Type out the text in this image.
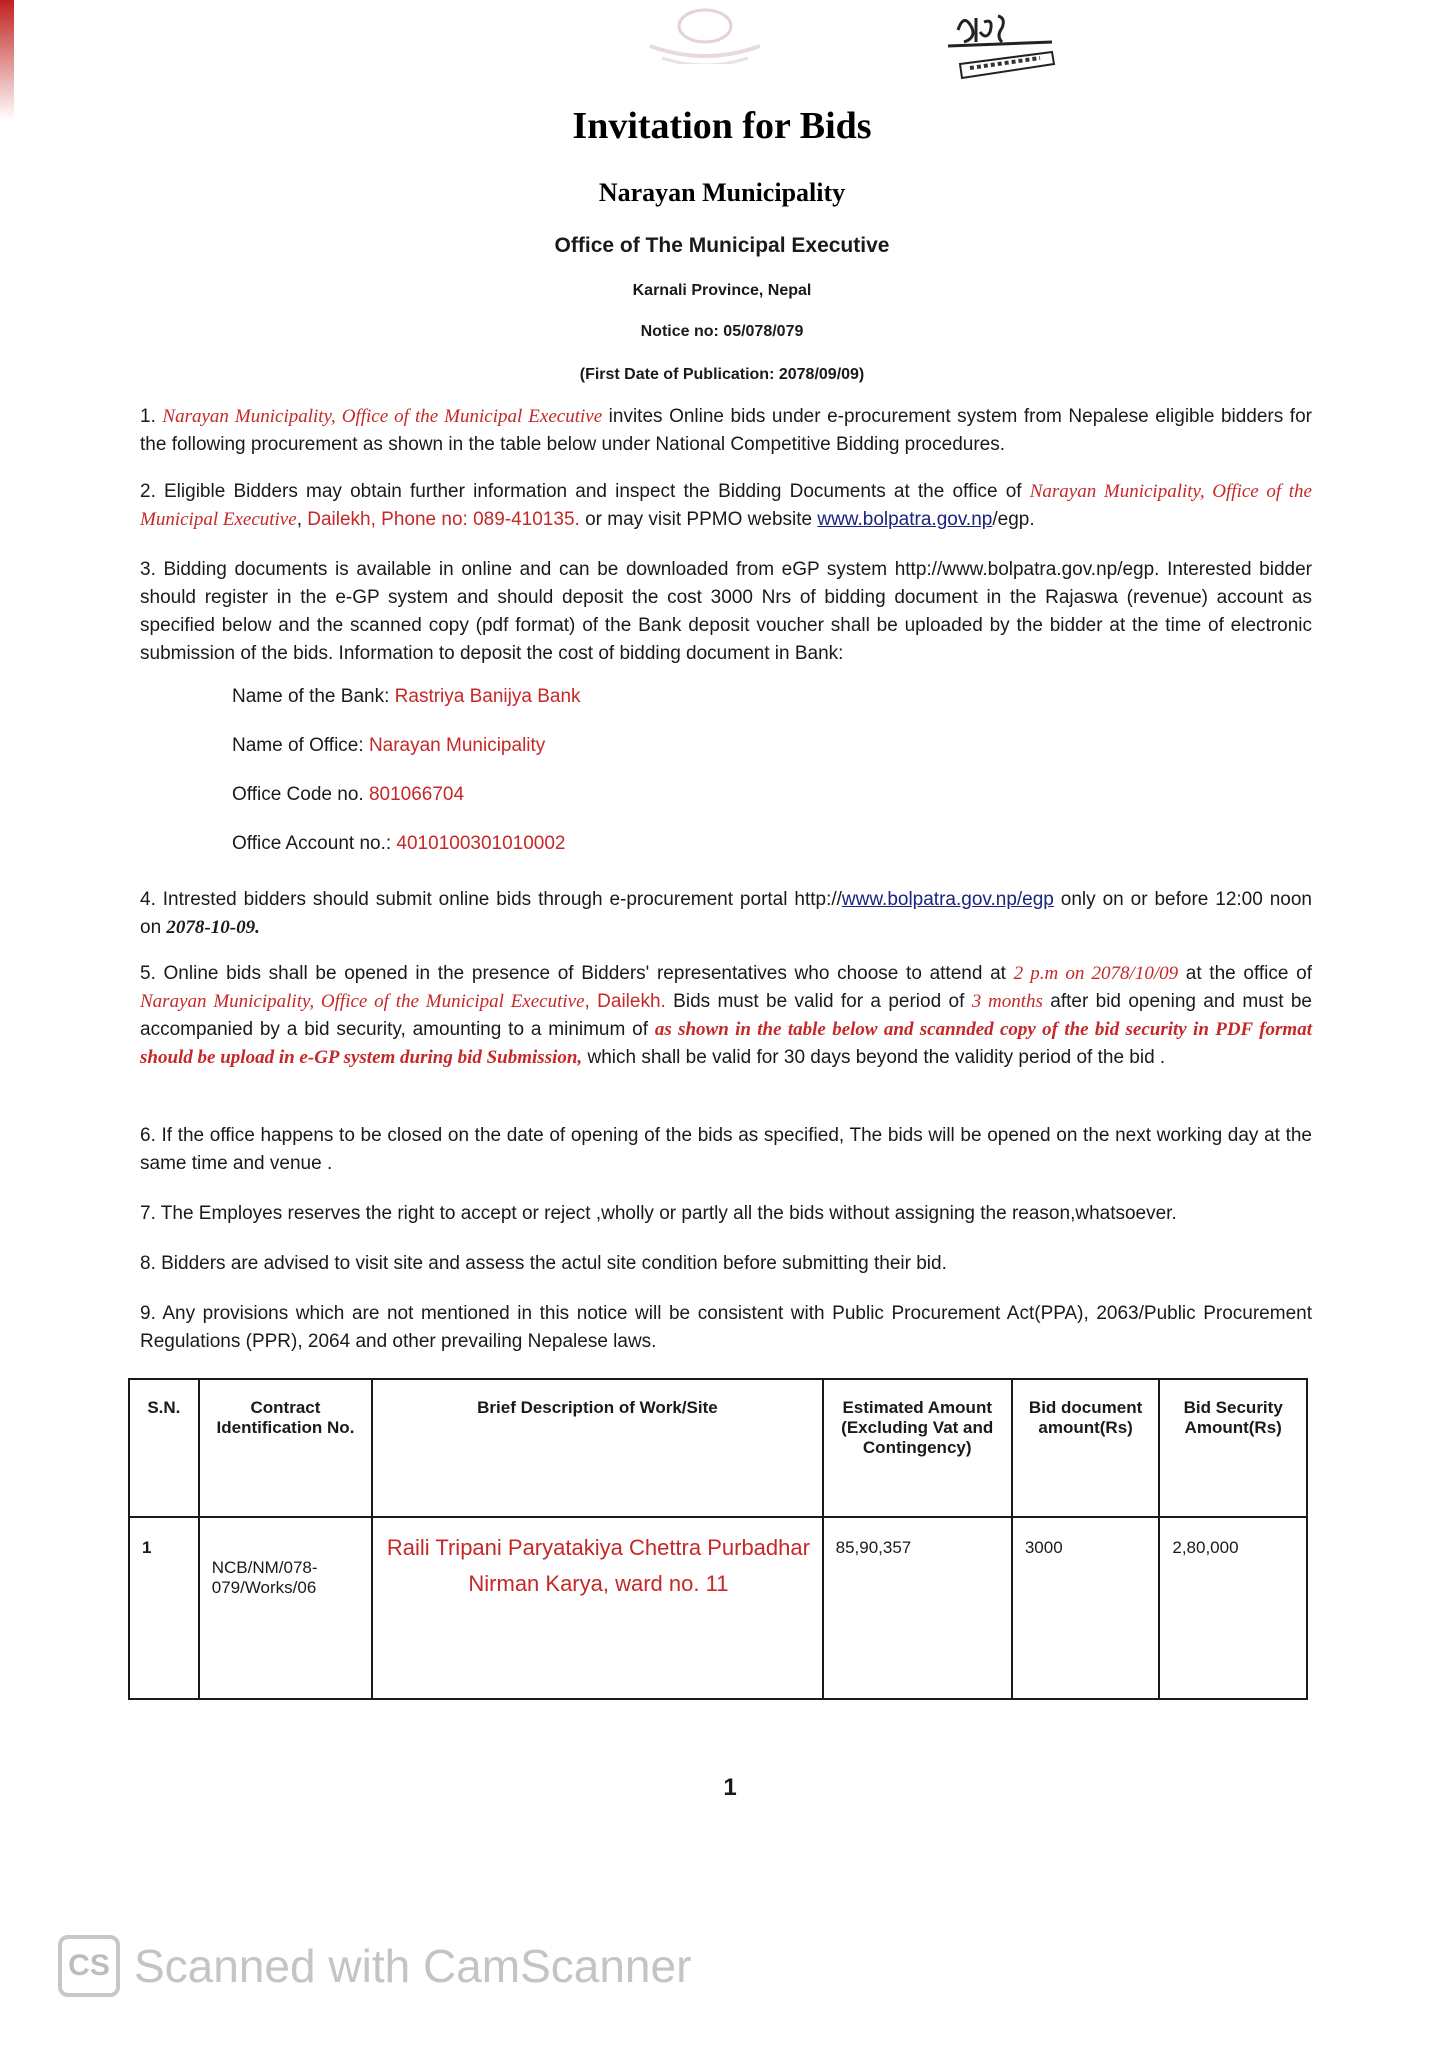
Invitation for Bids
Narayan Municipality
Office of The Municipal Executive
Karnali Province, Nepal
Notice no: 05/078/079
(First Date of Publication: 2078/09/09)
1. Narayan Municipality, Office of the Municipal Executive invites Online bids under e-procurement system from Nepalese eligible bidders for the following procurement as shown in the table below under National Competitive Bidding procedures.
2. Eligible Bidders may obtain further information and inspect the Bidding Documents at the office of Narayan Municipality, Office of the Municipal Executive, Dailekh, Phone no: 089-410135. or may visit PPMO website www.bolpatra.gov.np/egp.
3. Bidding documents is available in online and can be downloaded from eGP system http://www.bolpatra.gov.np/egp. Interested bidder should register in the e-GP system and should deposit the cost 3000 Nrs of bidding document in the Rajaswa (revenue) account as specified below and the scanned copy (pdf format) of the Bank deposit voucher shall be uploaded by the bidder at the time of electronic submission of the bids. Information to deposit the cost of bidding document in Bank:
Name of the Bank: Rastriya Banijya Bank
Name of Office: Narayan Municipality
Office Code no. 801066704
Office Account no.: 4010100301010002
4. Intrested bidders should submit online bids through e-procurement portal http://www.bolpatra.gov.np/egp only on or before 12:00 noon on 2078-10-09.
5. Online bids shall be opened in the presence of Bidders' representatives who choose to attend at 2 p.m on 2078/10/09 at the office of Narayan Municipality, Office of the Municipal Executive, Dailekh. Bids must be valid for a period of 3 months after bid opening and must be accompanied by a bid security, amounting to a minimum of as shown in the table below and scannded copy of the bid security in PDF format should be upload in e-GP system during bid Submission, which shall be valid for 30 days beyond the validity period of the bid .
6. If the office happens to be closed on the date of opening of the bids as specified, The bids will be opened on the next working day at the same time and venue .
7. The Employes reserves the right to accept or reject ,wholly or partly all the bids without assigning the reason,whatsoever.
8. Bidders are advised to visit site and assess the actul site condition before submitting their bid.
9. Any provisions which are not mentioned in this notice will be consistent with Public Procurement Act(PPA), 2063/Public Procurement Regulations (PPR), 2064 and other prevailing Nepalese laws.
S.N.	Contract Identification No.	Brief Description of Work/Site	Estimated Amount (Excluding Vat and Contingency)	Bid document amount(Rs)	Bid Security Amount(Rs)
1	NCB/NM/078-079/Works/06	Raili Tripani Paryatakiya Chettra Purbadhar Nirman Karya, ward no. 11	85,90,357	3000	2,80,000
1
CS Scanned with CamScanner
